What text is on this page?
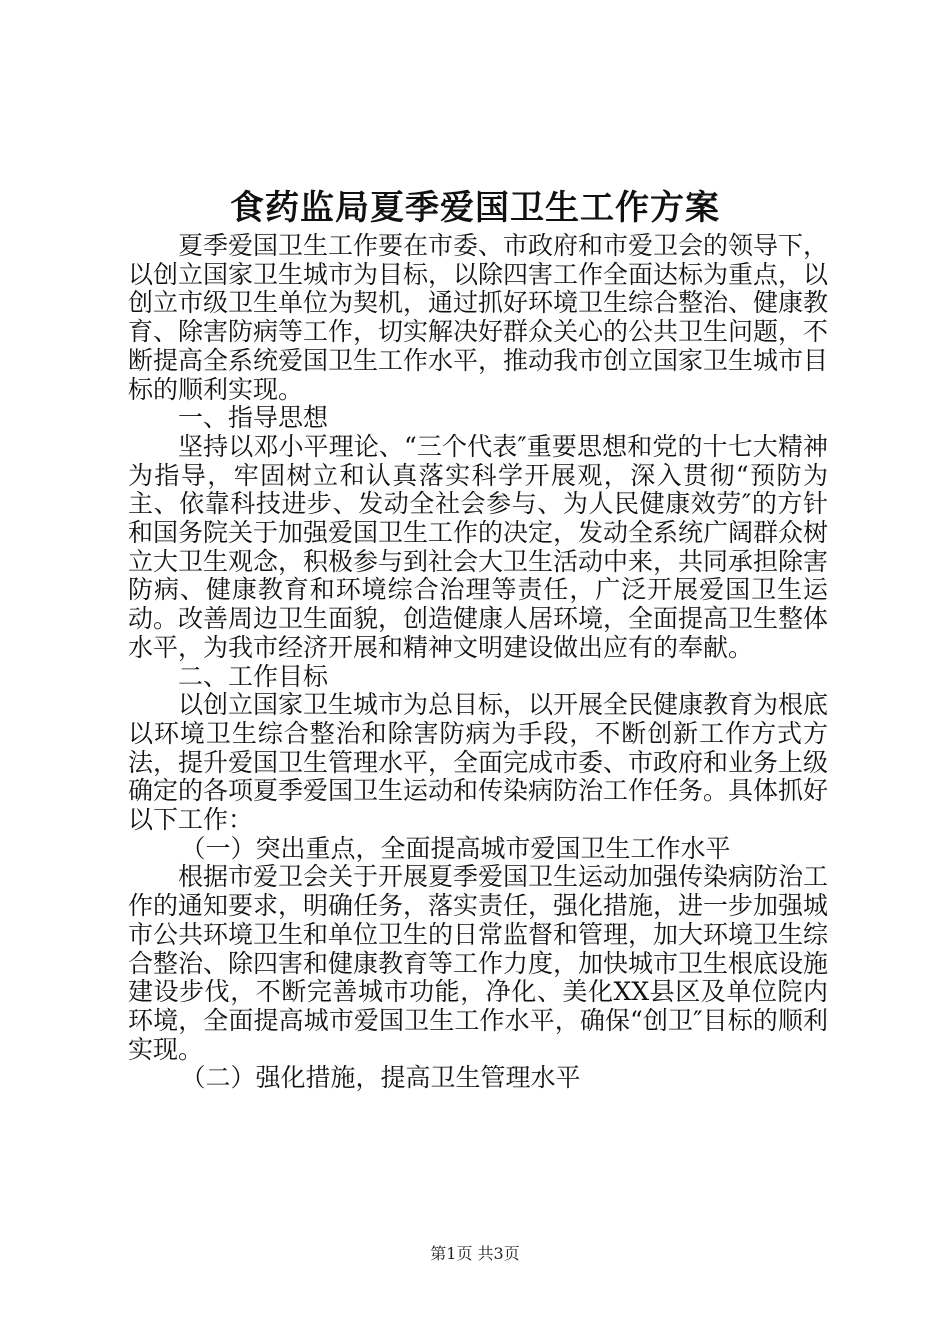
食药监局夏季爱国卫生工作方案

夏季爱国卫生工作要在市委、市政府和市爱卫会的领导下，以创立国家卫生城市为目标，以除四害工作全面达标为重点，以创立市级卫生单位为契机，通过抓好环境卫生综合整治、健康教育、除害防病等工作，切实解决好群众关心的公共卫生问题，不断提高全系统爱国卫生工作水平，推动我市创立国家卫生城市目标的顺利实现。

一、指导思想

坚持以邓小平理论、“三个代表″重要思想和党的十七大精神为指导，牢固树立和认真落实科学开展观，深入贯彻“预防为主、依靠科技进步、发动全社会参与、为人民健康效劳″的方针和国务院关于加强爱国卫生工作的决定，发动全系统广阔群众树立大卫生观念，积极参与到社会大卫生活动中来，共同承担除害防病、健康教育和环境综合治理等责任，广泛开展爱国卫生运动。改善周边卫生面貌，创造健康人居环境，全面提高卫生整体水平，为我市经济开展和精神文明建设做出应有的奉献。

二、工作目标

以创立国家卫生城市为总目标，以开展全民健康教育为根底以环境卫生综合整治和除害防病为手段，不断创新工作方式方法，提升爱国卫生管理水平，全面完成市委、市政府和业务上级确定的各项夏季爱国卫生运动和传染病防治工作任务。具体抓好以下工作：

（一）突出重点，全面提高城市爱国卫生工作水平

根据市爱卫会关于开展夏季爱国卫生运动加强传染病防治工作的通知要求，明确任务，落实责任，强化措施，进一步加强城市公共环境卫生和单位卫生的日常监督和管理，加大环境卫生综合整治、除四害和健康教育等工作力度，加快城市卫生根底设施建设步伐，不断完善城市功能，净化、美化XX县区及单位院内环境，全面提高城市爱国卫生工作水平，确保“创卫″目标的顺利实现。

（二）强化措施，提高卫生管理水平

第1页 共3页
